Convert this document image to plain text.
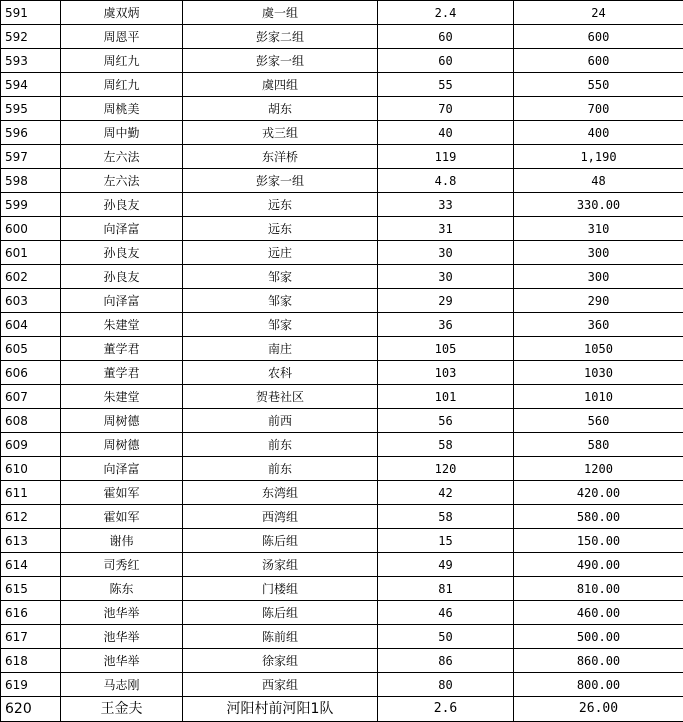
591	虞双炳	虞一组	2.4	24
592	周恩平	彭家二组	60	600
593	周红九	彭家一组	60	600
594	周红九	虞四组	55	550
595	周桃美	胡东	70	700
596	周中勤	戎三组	40	400
597	左六法	东洋桥	119	1,190
598	左六法	彭家一组	4.8	48
599	孙良友	远东	33	330.00
600	向泽富	远东	31	310
601	孙良友	远庄	30	300
602	孙良友	邹家	30	300
603	向泽富	邹家	29	290
604	朱建堂	邹家	36	360
605	董学君	南庄	105	1050
606	董学君	农科	103	1030
607	朱建堂	贺巷社区	101	1010
608	周树德	前西	56	560
609	周树德	前东	58	580
610	向泽富	前东	120	1200
611	霍如军	东湾组	42	420.00
612	霍如军	西湾组	58	580.00
613	谢伟	陈后组	15	150.00
614	司秀红	汤家组	49	490.00
615	陈东	门楼组	81	810.00
616	池华举	陈后组	46	460.00
617	池华举	陈前组	50	500.00
618	池华举	徐家组	86	860.00
619	马志刚	西家组	80	800.00
620	王金夫	河阳村前河阳1队	2.6	26.00
